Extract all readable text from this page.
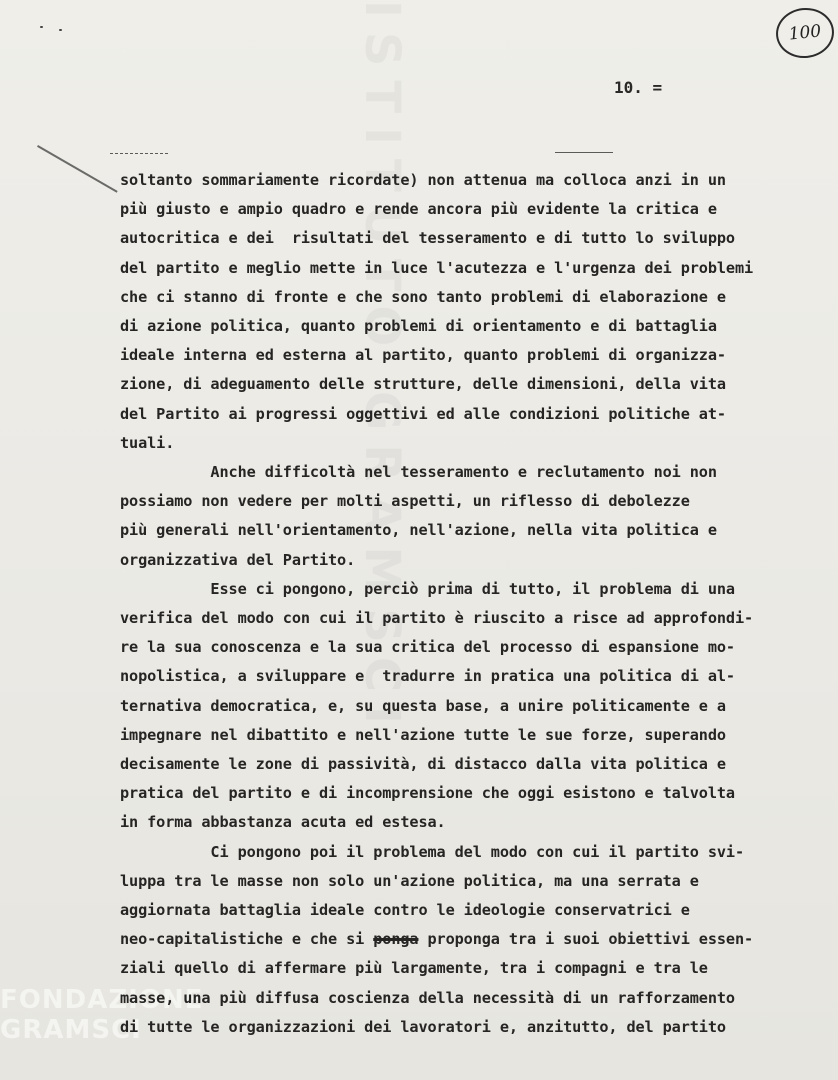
ISTITUTO GRAMSCI
FONDAZIONE
GRAMSCI
100
10. =
soltanto sommariamente ricordate) non attenua ma colloca anzi in un
più giusto e ampio quadro e rende ancora più evidente la critica e
autocritica e dei  risultati del tesseramento e di tutto lo sviluppo
del partito e meglio mette in luce l'acutezza e l'urgenza dei problemi
che ci stanno di fronte e che sono tanto problemi di elaborazione e
di azione politica, quanto problemi di orientamento e di battaglia
ideale interna ed esterna al partito, quanto problemi di organizza-
zione, di adeguamento delle strutture, delle dimensioni, della vita
del Partito ai progressi oggettivi ed alle condizioni politiche at-
tuali.
Anche difficoltà nel tesseramento e reclutamento noi non
possiamo non vedere per molti aspetti, un riflesso di debolezze
più generali nell'orientamento, nell'azione, nella vita politica e
organizzativa del Partito.
Esse ci pongono, perciò prima di tutto, il problema di una
verifica del modo con cui il partito è riuscito a risce ad approfondi-
re la sua conoscenza e la sua critica del processo di espansione mo-
nopolistica, a sviluppare e  tradurre in pratica una politica di al-
ternativa democratica, e, su questa base, a unire politicamente e a
impegnare nel dibattito e nell'azione tutte le sue forze, superando
decisamente le zone di passività, di distacco dalla vita politica e
pratica del partito e di incomprensione che oggi esistono e talvolta
in forma abbastanza acuta ed estesa.
Ci pongono poi il problema del modo con cui il partito svi-
luppa tra le masse non solo un'azione politica, ma una serrata e
aggiornata battaglia ideale contro le ideologie conservatrici e
neo-capitalistiche e che si ponga proponga tra i suoi obiettivi essen-
ziali quello di affermare più largamente, tra i compagni e tra le
masse, una più diffusa coscienza della necessità di un rafforzamento
di tutte le organizzazioni dei lavoratori e, anzitutto, del partito
